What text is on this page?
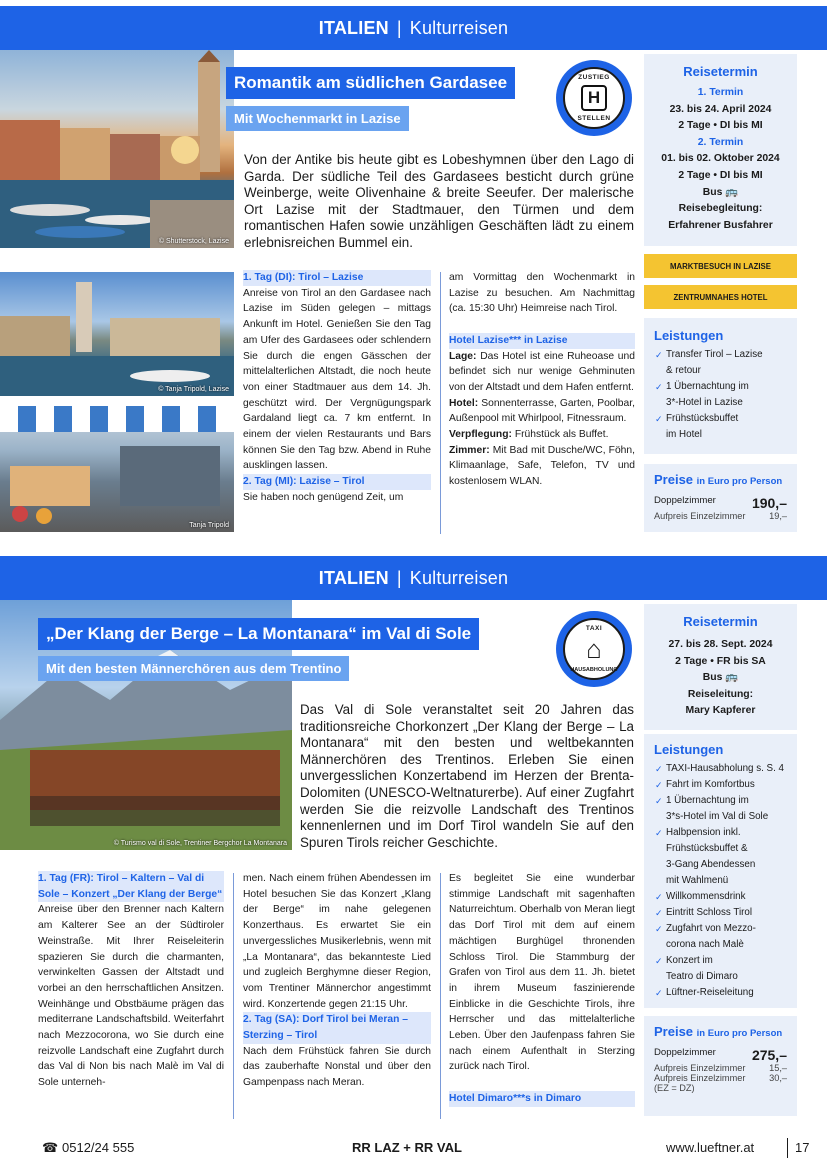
ITALIEN | Kulturreisen
© Shutterstock, Lazise
Romantik am südlichen Gardasee
Mit Wochenmarkt in Lazise
ZUSTIEG
H
STELLEN

Von der Antike bis heute gibt es Lobeshymnen über den Lago di Garda. Der südliche Teil des Gardasees besticht durch grüne Weinberge, weite Olivenhaine & breite Seeufer. Der malerische Ort Lazise mit der Stadtmauer, den Türmen und dem romantischen Hafen sowie unzähligen Geschäften lädt zu einem erlebnisreichen Bummel ein.

© Tanja Tripold, Lazise
Tanja Tripold
1. Tag (DI): Tirol – Lazise
Anreise von Tirol an den Gardasee nach Lazise im Süden gelegen – mittags Ankunft im Hotel. Genießen Sie den Tag am Ufer des Gardasees oder schlendern Sie durch die engen Gässchen der mittelalterlichen Altstadt, die noch heute von einer Stadtmauer aus dem 14. Jh. geschützt wird. Der Vergnügungspark Gardaland liegt ca. 7 km entfernt. In einem der vielen Restaurants und Bars können Sie den Tag bzw. Abend in Ruhe ausklingen lassen.
2. Tag (MI): Lazise – Tirol
Sie haben noch genügend Zeit, um
am Vormittag den Wochenmarkt in Lazise zu besuchen. Am Nachmittag (ca. 15:30 Uhr) Heimreise nach Tirol.
Hotel Lazise*** in Lazise
Lage: Das Hotel ist eine Ruheoase und befindet sich nur wenige Gehminuten von der Altstadt und dem Hafen entfernt.
Hotel: Sonnenterrasse, Garten, Poolbar, Außenpool mit Whirlpool, Fitnessraum.
Verpflegung: Frühstück als Buffet.
Zimmer: Mit Bad mit Dusche/WC, Föhn, Klimaanlage, Safe, Telefon, TV und kostenlosem WLAN.
Reisetermin
1. Termin
23. bis 24. April 2024
2 Tage • DI bis MI
2. Termin
01. bis 02. Oktober 2024
2 Tage • DI bis MI
Bus 🚌
Reisebegleitung:
Erfahrener Busfahrer
MARKTBESUCH IN LAZISE
ZENTRUMNAHES HOTEL
Leistungen
✓ Transfer Tirol – Lazise
& retour
✓ 1 Übernachtung im
3*-Hotel in Lazise
✓ Frühstücksbuffet
im Hotel
Preise in Euro pro Person
Doppelzimmer	190,–
Aufpreis Einzelzimmer	19,–
ITALIEN | Kulturreisen
© Turismo val di Sole, Trentiner Bergchor La Montanara
„Der Klang der Berge – La Montanara“ im Val di Sole
Mit den besten Männerchören aus dem Trentino
TAXI
⌂
HAUSABHOLUNG

Das Val di Sole veranstaltet seit 20 Jahren das traditionsreiche Chorkonzert „Der Klang der Berge – La Montanara“ mit den besten und weltbekannten Männerchören des Trentinos. Erleben Sie einen unvergesslichen Konzertabend im Herzen der Brenta-Dolomiten (UNESCO-Weltnaturerbe). Auf einer Zugfahrt werden Sie die reizvolle Landschaft des Trentinos kennenlernen und im Dorf Tirol wandeln Sie auf den Spuren Tirols reicher Geschichte.

1. Tag (FR): Tirol – Kaltern – Val di Sole – Konzert „Der Klang der Berge“
Anreise über den Brenner nach Kaltern am Kalterer See an der Südtiroler Weinstraße. Mit Ihrer Reiseleiterin spazieren Sie durch die charmanten, verwinkelten Gassen der Altstadt und vorbei an den herrschaftlichen Ansitzen. Weinhänge und Obstbäume prägen das mediterrane Landschaftsbild. Weiterfahrt nach Mezzocorona, wo Sie durch eine reizvolle Landschaft eine Zugfahrt durch das Val di Non bis nach Malè im Val di Sole unterneh-
men. Nach einem frühen Abendessen im Hotel besuchen Sie das Konzert „Klang der Berge“ im nahe gelegenen Konzerthaus. Es erwartet Sie ein unvergessliches Musikerlebnis, wenn mit „La Montanara“, das bekannteste Lied und zugleich Berghymne dieser Region, vom Trentiner Männerchor angestimmt wird. Konzertende gegen 21:15 Uhr.
2. Tag (SA): Dorf Tirol bei Meran – Sterzing – Tirol
Nach dem Frühstück fahren Sie durch das zauberhafte Nonstal und über den Gampenpass nach Meran.
Es begleitet Sie eine wunderbar stimmige Landschaft mit sagenhaften Naturreichtum. Oberhalb von Meran liegt das Dorf Tirol mit dem auf einem mächtigen Burghügel thronenden Schloss Tirol. Die Stammburg der Grafen von Tirol aus dem 11. Jh. bietet in ihrem Museum faszinierende Einblicke in die Geschichte Tirols, ihre Herrscher und das mittelalterliche Leben. Über den Jaufenpass fahren Sie nach einem Aufenthalt in Sterzing zurück nach Tirol.
Hotel Dimaro***s in Dimaro
Reisetermin
27. bis 28. Sept. 2024
2 Tage • FR bis SA
Bus 🚌
Reiseleitung:
Mary Kapferer
Leistungen
✓ TAXI-Hausabholung s. S. 4
✓ Fahrt im Komfortbus
✓ 1 Übernachtung im
3*s-Hotel im Val di Sole
✓ Halbpension inkl.
Frühstücksbuffet &
3-Gang Abendessen
mit Wahlmenü
✓ Willkommensdrink
✓ Eintritt Schloss Tirol
✓ Zugfahrt von Mezzo-
corona nach Malè
✓ Konzert im
Teatro di Dimaro
✓ Lüftner-Reiseleitung
Preise in Euro pro Person
Doppelzimmer	275,–
Aufpreis Einzelzimmer	15,–
Aufpreis Einzelzimmer	30,–
(EZ = DZ)
☎ 0512/24 555	RR LAZ + RR VAL	www.lueftner.at	17
